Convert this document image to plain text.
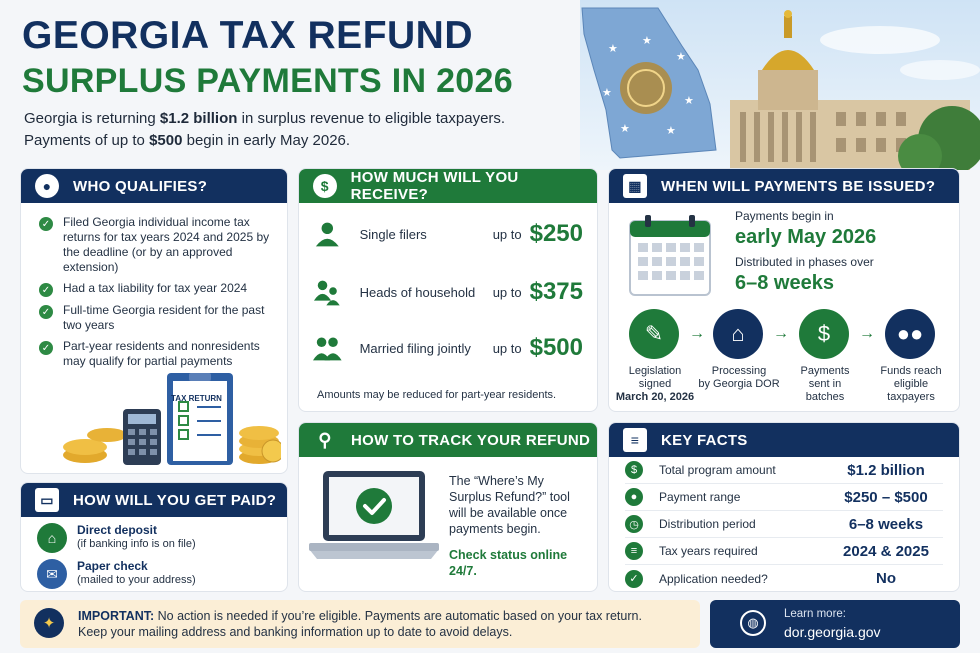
GEORGIA TAX REFUND
SURPLUS PAYMENTS IN 2026
Georgia is returning $1.2 billion in surplus revenue to eligible taxpayers.
Payments of up to $500 begin in early May 2026.
★
★
★
★
★	★
★
●	WHO QUALIFIES?
✓ Filed Georgia individual income tax returns for tax years 2024 and 2025 by the deadline (or by an approved extension)
✓ Had a tax liability for tax year 2024
✓ Full-time Georgia resident for the past two years
✓ Part-year residents and nonresidents may qualify for partial payments
TAX RETURN
$	HOW MUCH WILL YOU RECEIVE?
Single filers	up to $250
Heads of household	up to $375
Married filing jointly	up to $500
Amounts may be reduced for part-year residents.
▦	WHEN WILL PAYMENTS BE ISSUED?
Payments begin in
early May 2026
Distributed in phases over
6–8 weeks
✎	→	⌂	→	$	→ ●●
Legislation
signed
March 20, 2026
Processing
by Georgia DOR
Payments
sent in
batches
Funds reach
eligible
taxpayers
▭	HOW WILL YOU GET PAID?
⌂	Direct deposit
(if banking info is on file)
✉	Paper check
(mailed to your address)
⚲	HOW TO TRACK YOUR REFUND
The “Where’s My Surplus Refund?” tool will be available once payments begin.
Check status online 24/7.
≡	KEY FACTS
$	Total program amount	$1.2 billion
●	Payment range	$250 – $500
◷	Distribution period	6–8 weeks
≡	Tax years required	2024 & 2025
✓	Application needed?	No
✦	IMPORTANT: No action is needed if you’re eligible. Payments are automatic based on your tax return.
Keep your mailing address and banking information up to date to avoid delays.
◍
Learn more:
dor.georgia.gov
